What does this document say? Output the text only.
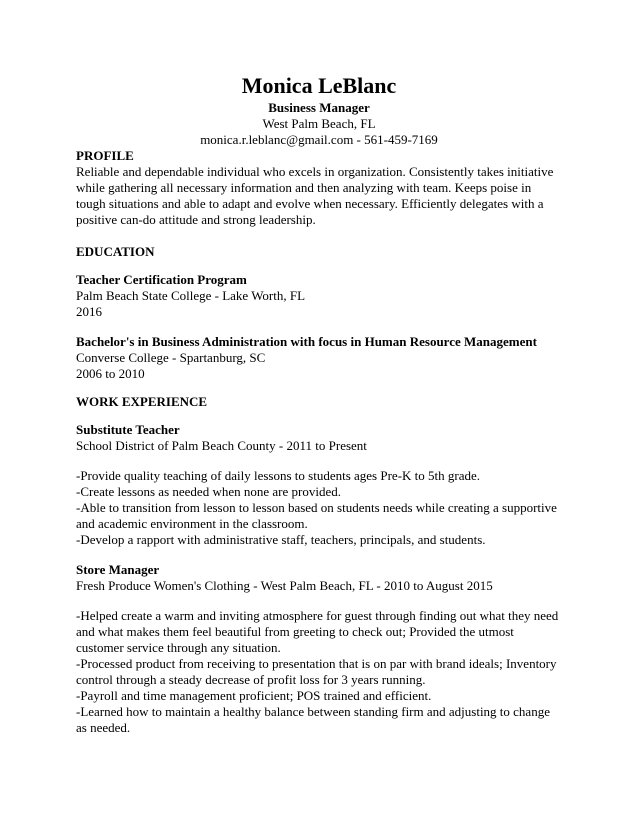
Monica LeBlanc

Business Manager

West Palm Beach, FL

monica.r.leblanc@gmail.com - 561-459-7169

PROFILE

Reliable and dependable individual who excels in organization. Consistently takes initiative while gathering all necessary information and then analyzing with team. Keeps poise in tough situations and able to adapt and evolve when necessary. Efficiently delegates with a positive can-do attitude and strong leadership.

EDUCATION

Teacher Certification Program

Palm Beach State College - Lake Worth, FL

2016

Bachelor's in Business Administration with focus in Human Resource Management

Converse College - Spartanburg, SC

2006 to 2010

WORK EXPERIENCE

Substitute Teacher

School District of Palm Beach County - 2011 to Present

-Provide quality teaching of daily lessons to students ages Pre-K to 5th grade.

-Create lessons as needed when none are provided.

-Able to transition from lesson to lesson based on students needs while creating a supportive and academic environment in the classroom.

-Develop a rapport with administrative staff, teachers, principals, and students.

Store Manager

Fresh Produce Women's Clothing - West Palm Beach, FL - 2010 to August 2015

-Helped create a warm and inviting atmosphere for guest through finding out what they need and what makes them feel beautiful from greeting to check out; Provided the utmost customer service through any situation.

-Processed product from receiving to presentation that is on par with brand ideals; Inventory control through a steady decrease of profit loss for 3 years running.

-Payroll and time management proficient; POS trained and efficient.

-Learned how to maintain a healthy balance between standing firm and adjusting to change as needed.
